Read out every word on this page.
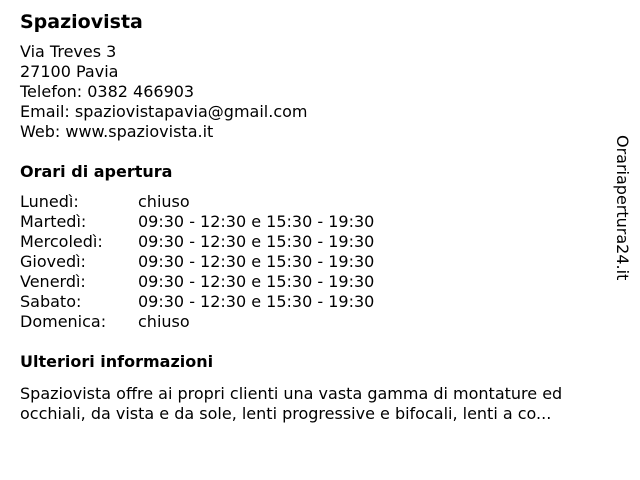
Spaziovista
Via Treves 3
27100 Pavia
Telefon: 0382 466903
Email: spaziovistapavia@gmail.com
Web: www.spaziovista.it
Orari di apertura
Lunedì:	chiuso
Martedì:	09:30 - 12:30 e 15:30 - 19:30
Mercoledì:	09:30 - 12:30 e 15:30 - 19:30
Giovedì:	09:30 - 12:30 e 15:30 - 19:30
Venerdì:	09:30 - 12:30 e 15:30 - 19:30
Sabato:	09:30 - 12:30 e 15:30 - 19:30
Domenica:	chiuso
Ulteriori informazioni
Spaziovista offre ai propri clienti una vasta gamma di montature ed occhiali, da vista e da sole, lenti progressive e bifocali, lenti a co...
Orariapertura24.it
